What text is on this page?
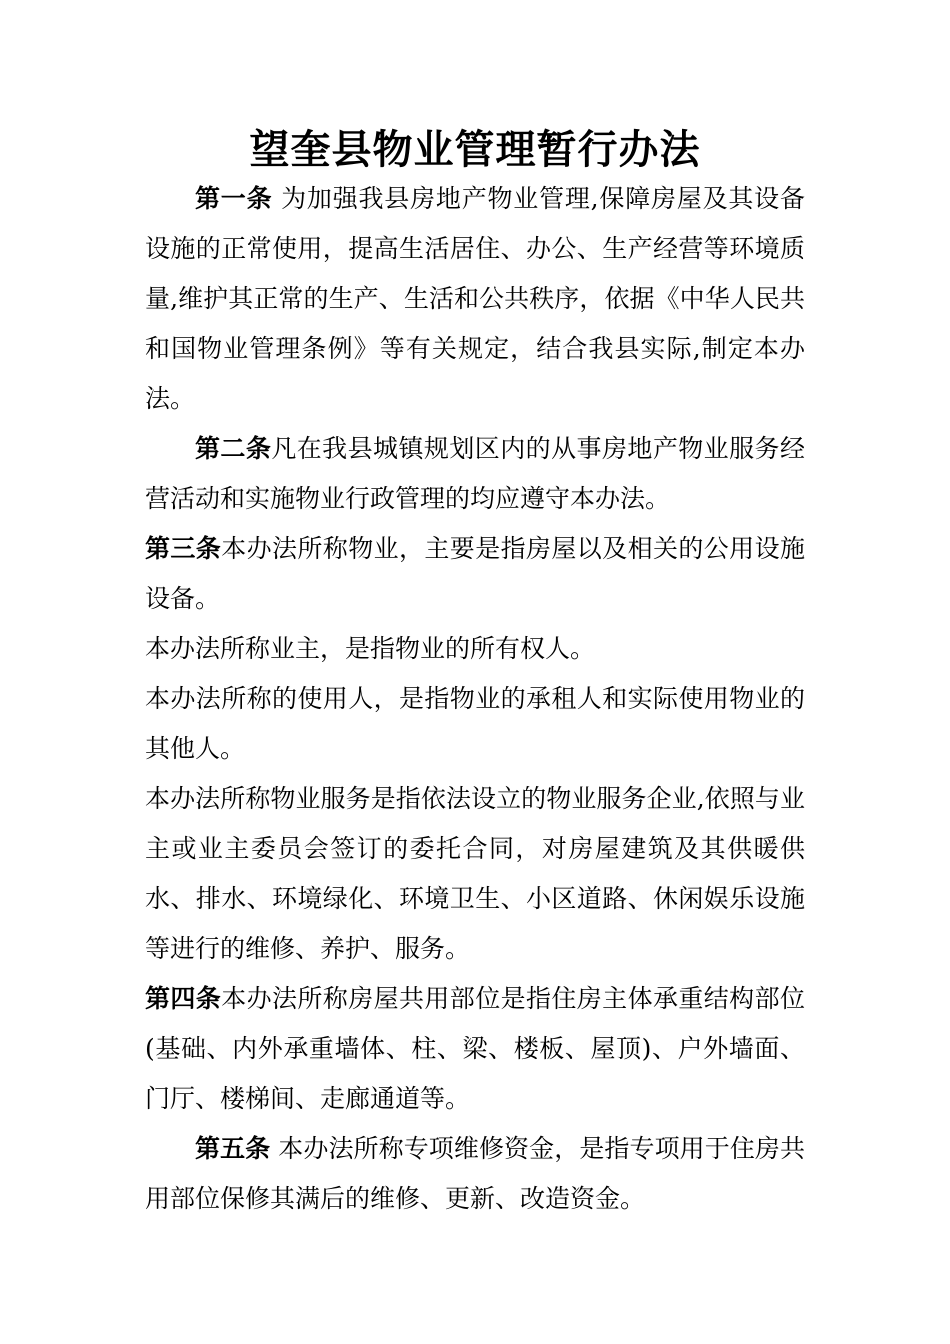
望奎县物业管理暂行办法

第一条 为加强我县房地产物业管理,保障房屋及其设备设施的正常使用，提高生活居住、办公、生产经营等环境质量,维护其正常的生产、生活和公共秩序，依据《中华人民共和国物业管理条例》等有关规定，结合我县实际,制定本办法。

第二条凡在我县城镇规划区内的从事房地产物业服务经营活动和实施物业行政管理的均应遵守本办法。

第三条本办法所称物业，主要是指房屋以及相关的公用设施设备。

本办法所称业主，是指物业的所有权人。

本办法所称的使用人，是指物业的承租人和实际使用物业的其他人。

本办法所称物业服务是指依法设立的物业服务企业,依照与业主或业主委员会签订的委托合同，对房屋建筑及其供暖供水、排水、环境绿化、环境卫生、小区道路、休闲娱乐设施等进行的维修、养护、服务。

第四条本办法所称房屋共用部位是指住房主体承重结构部位(基础、内外承重墙体、柱、梁、楼板、屋顶)、户外墙面、门厅、楼梯间、走廊通道等。

第五条 本办法所称专项维修资金，是指专项用于住房共用部位保修其满后的维修、更新、改造资金。
